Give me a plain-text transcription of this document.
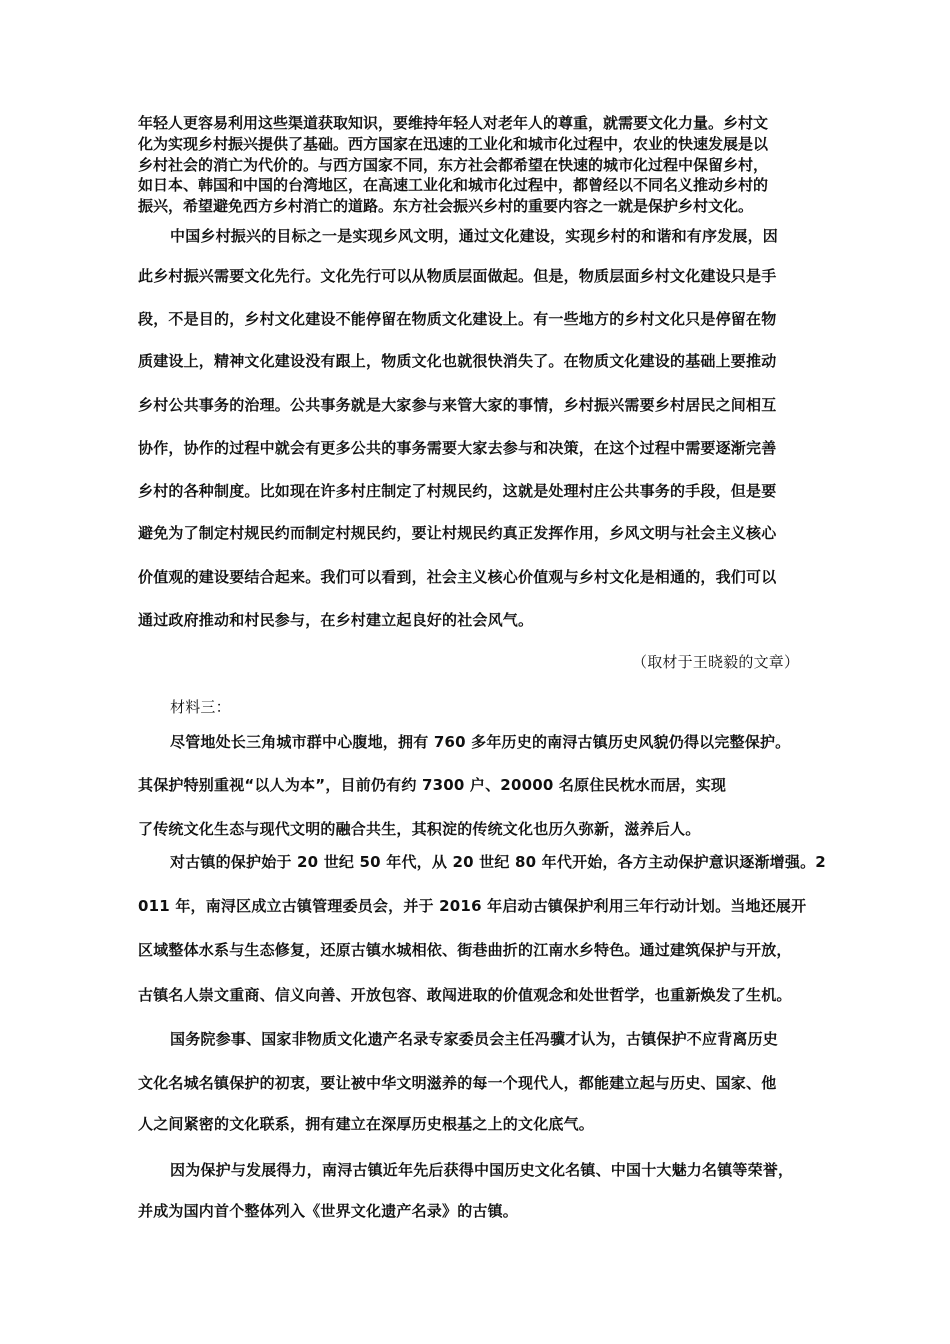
年轻人更容易利用这些渠道获取知识，要维持年轻人对老年人的尊重，就需要文化力量。乡村文
化为实现乡村振兴提供了基础。西方国家在迅速的工业化和城市化过程中，农业的快速发展是以
乡村社会的消亡为代价的。与西方国家不同，东方社会都希望在快速的城市化过程中保留乡村，
如日本、韩国和中国的台湾地区，在高速工业化和城市化过程中，都曾经以不同名义推动乡村的
振兴，希望避免西方乡村消亡的道路。东方社会振兴乡村的重要内容之一就是保护乡村文化。
中国乡村振兴的目标之一是实现乡风文明，通过文化建设，实现乡村的和谐和有序发展，因
此乡村振兴需要文化先行。文化先行可以从物质层面做起。但是，物质层面乡村文化建设只是手
段，不是目的，乡村文化建设不能停留在物质文化建设上。有一些地方的乡村文化只是停留在物
质建设上，精神文化建设没有跟上，物质文化也就很快消失了。在物质文化建设的基础上要推动
乡村公共事务的治理。公共事务就是大家参与来管大家的事情，乡村振兴需要乡村居民之间相互
协作，协作的过程中就会有更多公共的事务需要大家去参与和决策，在这个过程中需要逐渐完善
乡村的各种制度。比如现在许多村庄制定了村规民约，这就是处理村庄公共事务的手段，但是要
避免为了制定村规民约而制定村规民约，要让村规民约真正发挥作用，乡风文明与社会主义核心
价值观的建设要结合起来。我们可以看到，社会主义核心价值观与乡村文化是相通的，我们可以
通过政府推动和村民参与，在乡村建立起良好的社会风气。
（取材于王晓毅的文章）
材料三：
尽管地处长三角城市群中心腹地，拥有 760 多年历史的南浔古镇历史风貌仍得以完整保护。
其保护特别重视“以人为本”，目前仍有约 7300 户、20000 名原住民枕水而居，实现
了传统文化生态与现代文明的融合共生，其积淀的传统文化也历久弥新，滋养后人。
对古镇的保护始于 20 世纪 50 年代，从 20 世纪 80 年代开始，各方主动保护意识逐渐增强。2
011 年，南浔区成立古镇管理委员会，并于 2016 年启动古镇保护利用三年行动计划。当地还展开
区域整体水系与生态修复，还原古镇水城相依、街巷曲折的江南水乡特色。通过建筑保护与开放，
古镇名人崇文重商、信义向善、开放包容、敢闯进取的价值观念和处世哲学，也重新焕发了生机。
国务院参事、国家非物质文化遗产名录专家委员会主任冯骥才认为，古镇保护不应背离历史
文化名城名镇保护的初衷，要让被中华文明滋养的每一个现代人，都能建立起与历史、国家、他
人之间紧密的文化联系，拥有建立在深厚历史根基之上的文化底气。
因为保护与发展得力，南浔古镇近年先后获得中国历史文化名镇、中国十大魅力名镇等荣誉，
并成为国内首个整体列入《世界文化遗产名录》的古镇。
